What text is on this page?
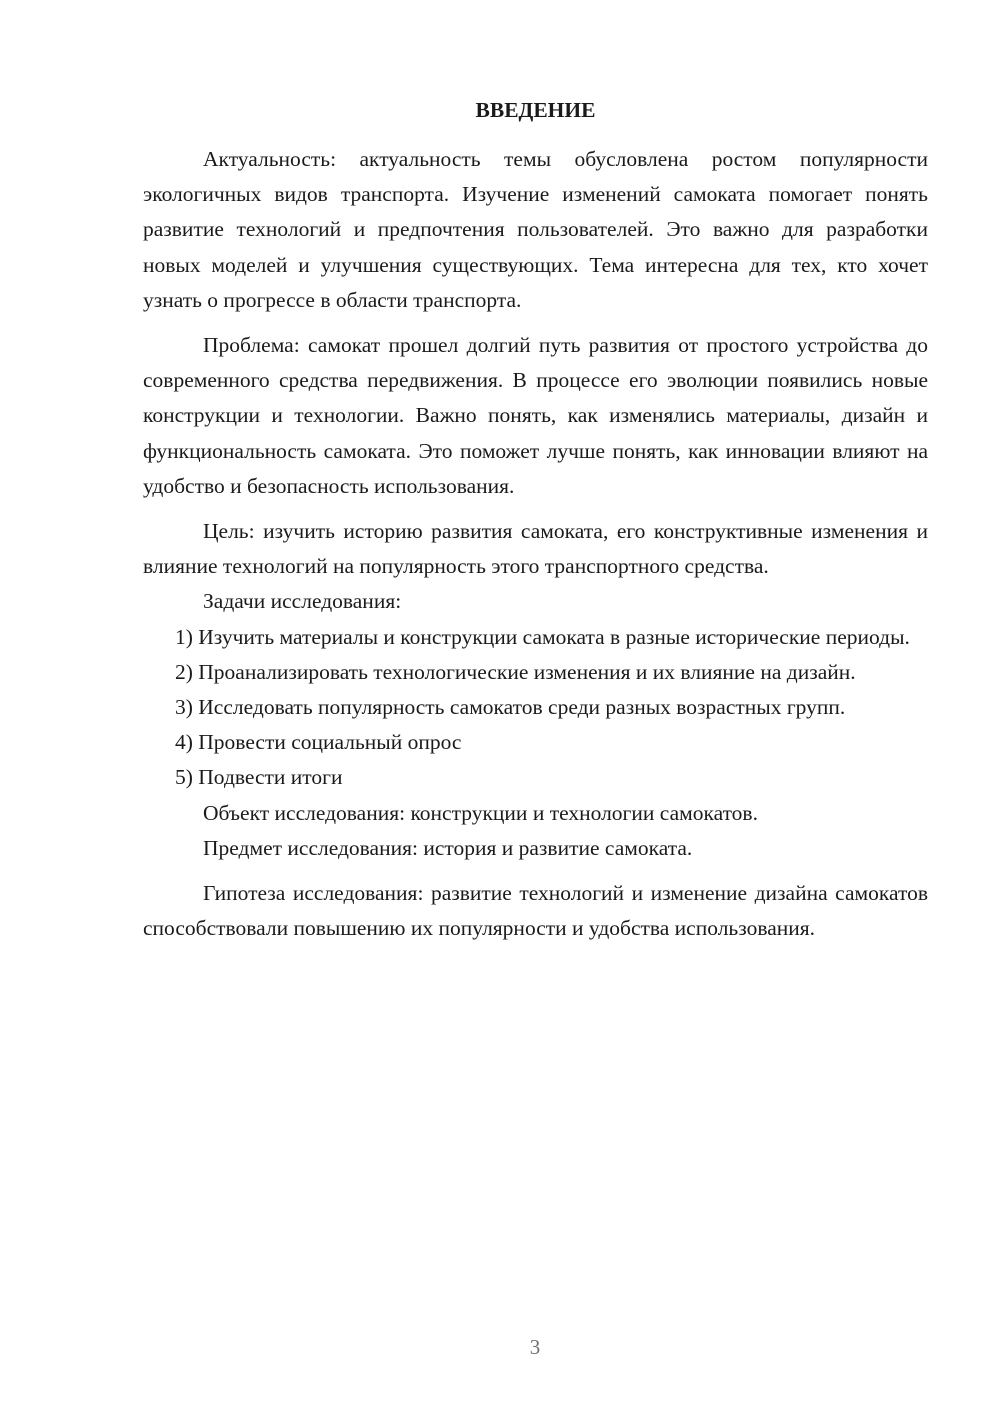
ВВЕДЕНИЕ

Актуальность: актуальность темы обусловлена ростом популярности экологичных видов транспорта. Изучение изменений самоката помогает понять развитие технологий и предпочтения пользователей. Это важно для разработки новых моделей и улучшения существующих. Тема интересна для тех, кто хочет узнать о прогрессе в области транспорта.

Проблема: самокат прошел долгий путь развития от простого устройства до современного средства передвижения. В процессе его эволюции появились новые конструкции и технологии. Важно понять, как изменялись материалы, дизайн и функциональность самоката. Это поможет лучше понять, как инновации влияют на удобство и безопасность использования.

Цель: изучить историю развития самоката, его конструктивные изменения и влияние технологий на популярность этого транспортного средства.

Задачи исследования:

1) Изучить материалы и конструкции самоката в разные исторические периоды.

2) Проанализировать технологические изменения и их влияние на дизайн.

3) Исследовать популярность самокатов среди разных возрастных групп.

4) Провести социальный опрос

5) Подвести итоги

Объект исследования: конструкции и технологии самокатов.

Предмет исследования: история и развитие самоката.

Гипотеза исследования: развитие технологий и изменение дизайна самокатов способствовали повышению их популярности и удобства использования.

3
